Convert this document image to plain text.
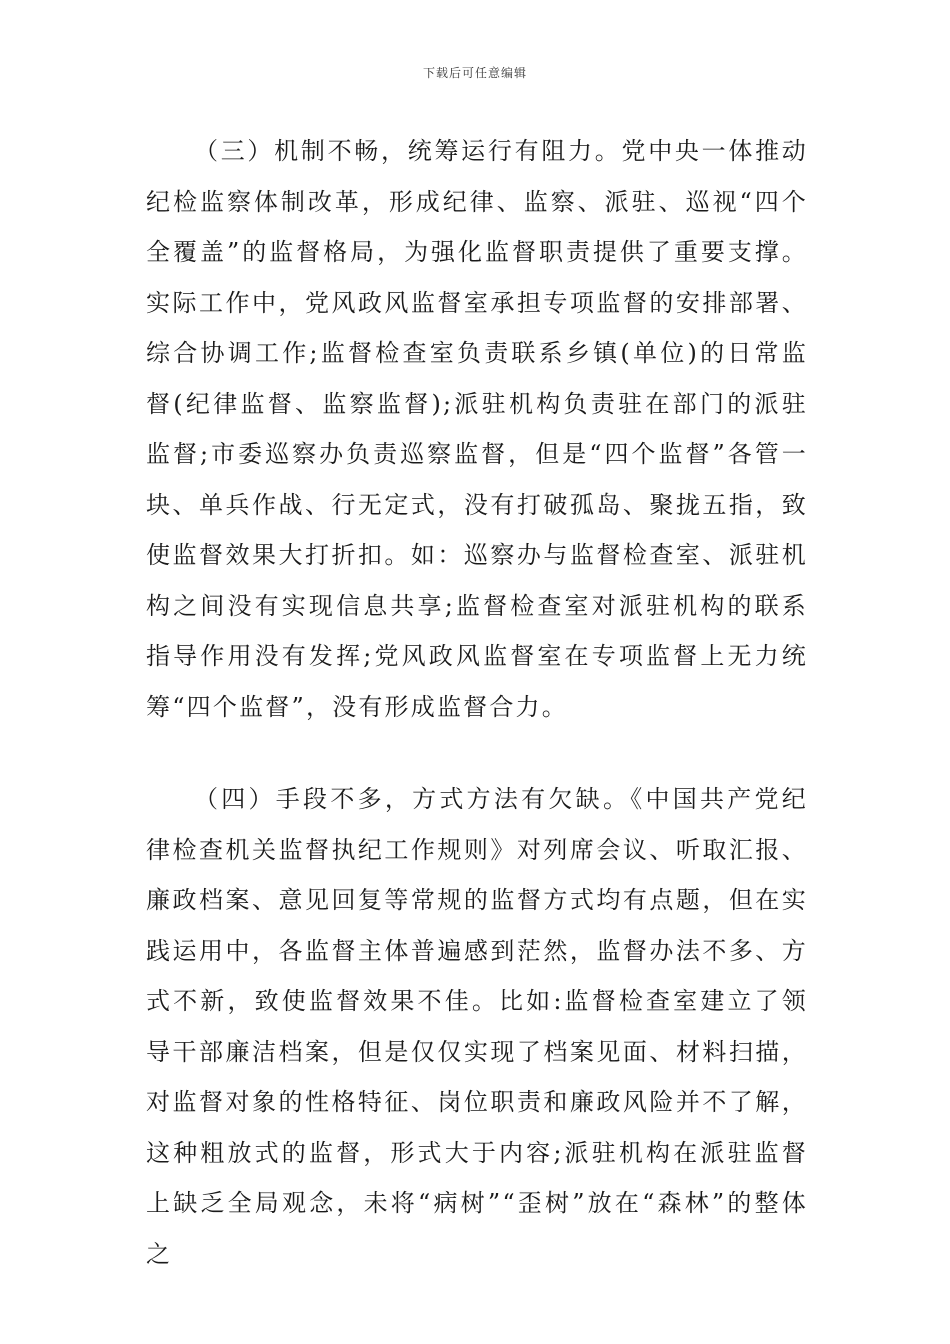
下载后可任意编辑

（三）机制不畅，统筹运行有阻力。党中央一体推动纪检监察体制改革，形成纪律、监察、派驻、巡视“四个全覆盖”的监督格局，为强化监督职责提供了重要支撑。实际工作中，党风政风监督室承担专项监督的安排部署、综合协调工作;监督检查室负责联系乡镇(单位)的日常监督(纪律监督、监察监督);派驻机构负责驻在部门的派驻监督;市委巡察办负责巡察监督，但是“四个监督”各管一块、单兵作战、行无定式，没有打破孤岛、聚拢五指，致使监督效果大打折扣。如：巡察办与监督检查室、派驻机构之间没有实现信息共享;监督检查室对派驻机构的联系指导作用没有发挥;党风政风监督室在专项监督上无力统筹“四个监督”，没有形成监督合力。

（四）手段不多，方式方法有欠缺。《中国共产党纪律检查机关监督执纪工作规则》对列席会议、听取汇报、廉政档案、意见回复等常规的监督方式均有点题，但在实践运用中，各监督主体普遍感到茫然，监督办法不多、方式不新，致使监督效果不佳。比如:监督检查室建立了领导干部廉洁档案，但是仅仅实现了档案见面、材料扫描，对监督对象的性格特征、岗位职责和廉政风险并不了解，这种粗放式的监督，形式大于内容;派驻机构在派驻监督上缺乏全局观念，未将“病树”“歪树”放在“森林”的整体之
